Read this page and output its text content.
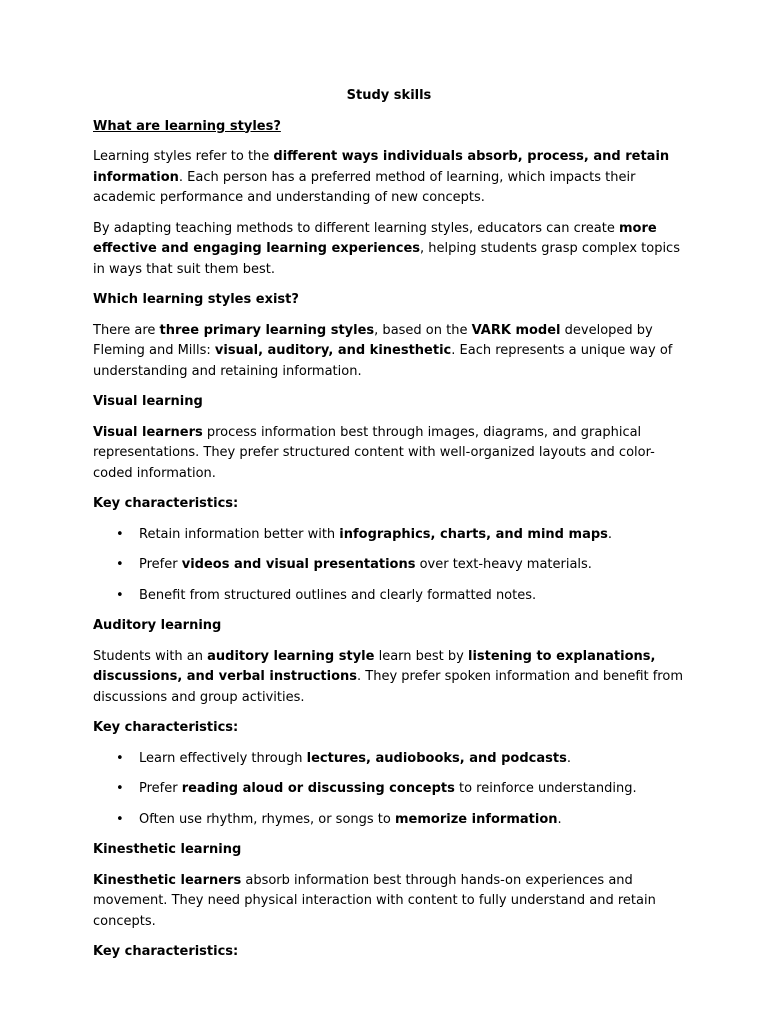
Study skills
What are learning styles?

Learning styles refer to the different ways individuals absorb, process, and retain information. Each person has a preferred method of learning, which impacts their academic performance and understanding of new concepts.

By adapting teaching methods to different learning styles, educators can create more effective and engaging learning experiences, helping students grasp complex topics in ways that suit them best.

Which learning styles exist?

There are three primary learning styles, based on the VARK model developed by Fleming and Mills: visual, auditory, and kinesthetic. Each represents a unique way of understanding and retaining information.

Visual learning

Visual learners process information best through images, diagrams, and graphical representations. They prefer structured content with well-organized layouts and color-coded information.

Key characteristics:
• Retain information better with infographics, charts, and mind maps.
• Prefer videos and visual presentations over text-heavy materials.
• Benefit from structured outlines and clearly formatted notes.
Auditory learning

Students with an auditory learning style learn best by listening to explanations, discussions, and verbal instructions. They prefer spoken information and benefit from discussions and group activities.

Key characteristics:
• Learn effectively through lectures, audiobooks, and podcasts.
• Prefer reading aloud or discussing concepts to reinforce understanding.
• Often use rhythm, rhymes, or songs to memorize information.
Kinesthetic learning

Kinesthetic learners absorb information best through hands-on experiences and movement. They need physical interaction with content to fully understand and retain concepts.

Key characteristics:
